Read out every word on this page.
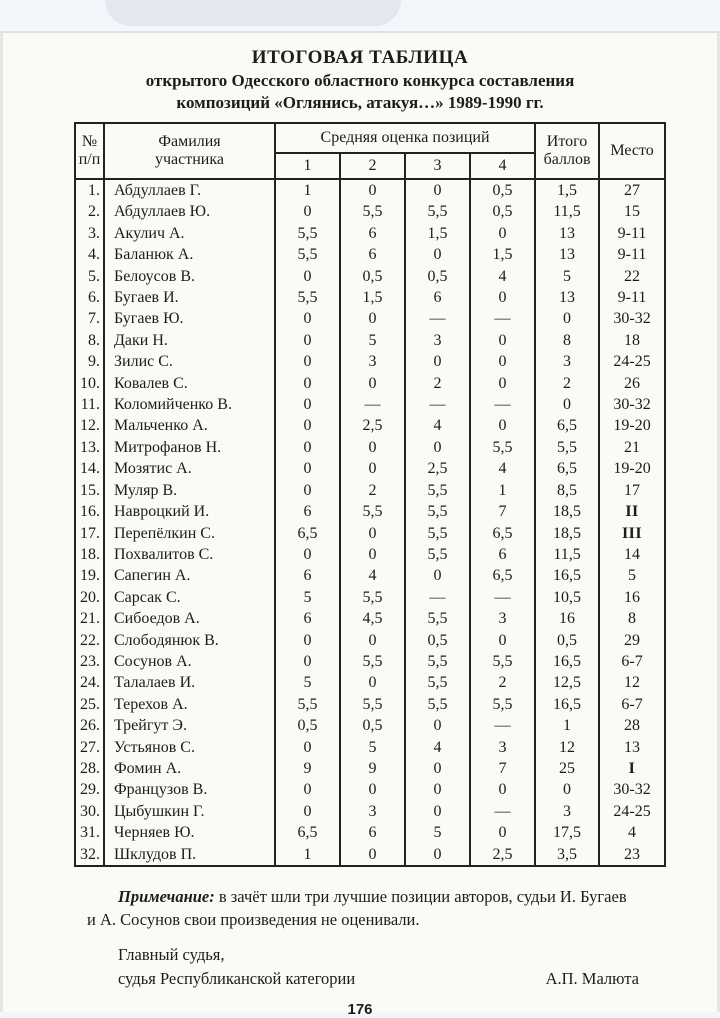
ИТОГОВАЯ ТАБЛИЦА
открытого Одесского областного конкурса составления
композиций «Оглянись, атакуя…» 1989-1990 гг.
№
п/п	Фамилия
участника	Средняя оценка позиций				Итого
баллов	Место
		1	2	3	4		
1.	Абдуллаев Г.	1	0	0	0,5	1,5	27
2.	Абдуллаев Ю.	0	5,5	5,5	0,5	11,5	15
3.	Акулич А.	5,5	6	1,5	0	13	9-11
4.	Баланюк А.	5,5	6	0	1,5	13	9-11
5.	Белоусов В.	0	0,5	0,5	4	5	22
6.	Бугаев И.	5,5	1,5	6	0	13	9-11
7.	Бугаев Ю.	0	0	—	—	0	30-32
8.	Даки Н.	0	5	3	0	8	18
9.	Зилис С.	0	3	0	0	3	24-25
10.	Ковалев С.	0	0	2	0	2	26
11.	Коломийченко В.	0	—	—	—	0	30-32
12.	Мальченко А.	0	2,5	4	0	6,5	19-20
13.	Митрофанов Н.	0	0	0	5,5	5,5	21
14.	Мозятис А.	0	0	2,5	4	6,5	19-20
15.	Муляр В.	0	2	5,5	1	8,5	17
16.	Навроцкий И.	6	5,5	5,5	7	18,5	II
17.	Перепёлкин С.	6,5	0	5,5	6,5	18,5	III
18.	Похвалитов С.	0	0	5,5	6	11,5	14
19.	Сапегин А.	6	4	0	6,5	16,5	5
20.	Сарсак С.	5	5,5	—	—	10,5	16
21.	Сибоедов А.	6	4,5	5,5	3	16	8
22.	Слободянюк В.	0	0	0,5	0	0,5	29
23.	Сосунов А.	0	5,5	5,5	5,5	16,5	6-7
24.	Талалаев И.	5	0	5,5	2	12,5	12
25.	Терехов А.	5,5	5,5	5,5	5,5	16,5	6-7
26.	Трейгут Э.	0,5	0,5	0	—	1	28
27.	Устьянов С.	0	5	4	3	12	13
28.	Фомин А.	9	9	0	7	25	I
29.	Французов В.	0	0	0	0	0	30-32
30.	Цыбушкин Г.	0	3	0	—	3	24-25
31.	Черняев Ю.	6,5	6	5	0	17,5	4
32.	Шклудов П.	1	0	0	2,5	3,5	23
Примечание: в зачёт шли три лучшие позиции авторов, судьи И. Бугаев
и А. Сосунов свои произведения не оценивали.
Главный судья,
судья Республиканской категории	А.П. Малюта
176
